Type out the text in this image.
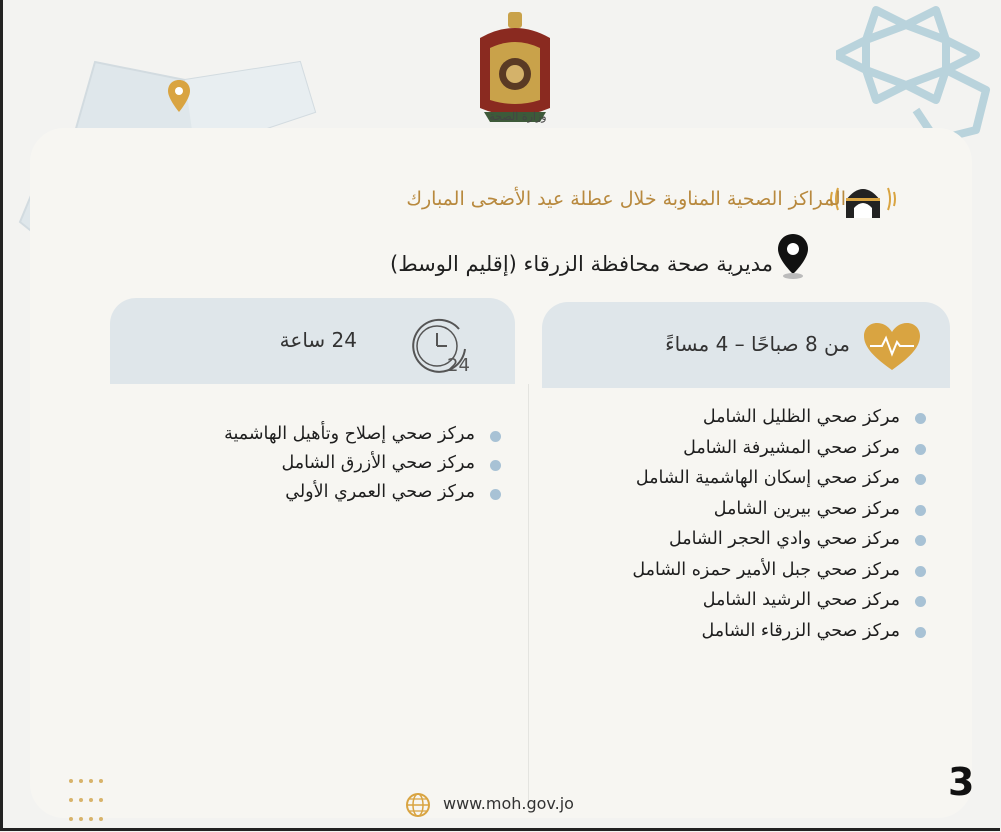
وزارة الصحة
المراكز الصحية المناوبة خلال عطلة عيد الأضحى المبارك
مديرية صحة محافظة الزرقاء (إقليم الوسط)
24 ساعة	من 8 صباحًا – 4 مساءً
24
مركز صحي الظليل الشامل
مركز صحي المشيرفة الشامل
مركز صحي إسكان الهاشمية الشامل
مركز صحي بيرين الشامل
مركز صحي وادي الحجر الشامل
مركز صحي جبل الأمير حمزه الشامل
مركز صحي الرشيد الشامل
مركز صحي الزرقاء الشامل
مركز صحي إصلاح وتأهيل الهاشمية
مركز صحي الأزرق الشامل
مركز صحي العمري الأولي

www.moh.gov.jo	3
